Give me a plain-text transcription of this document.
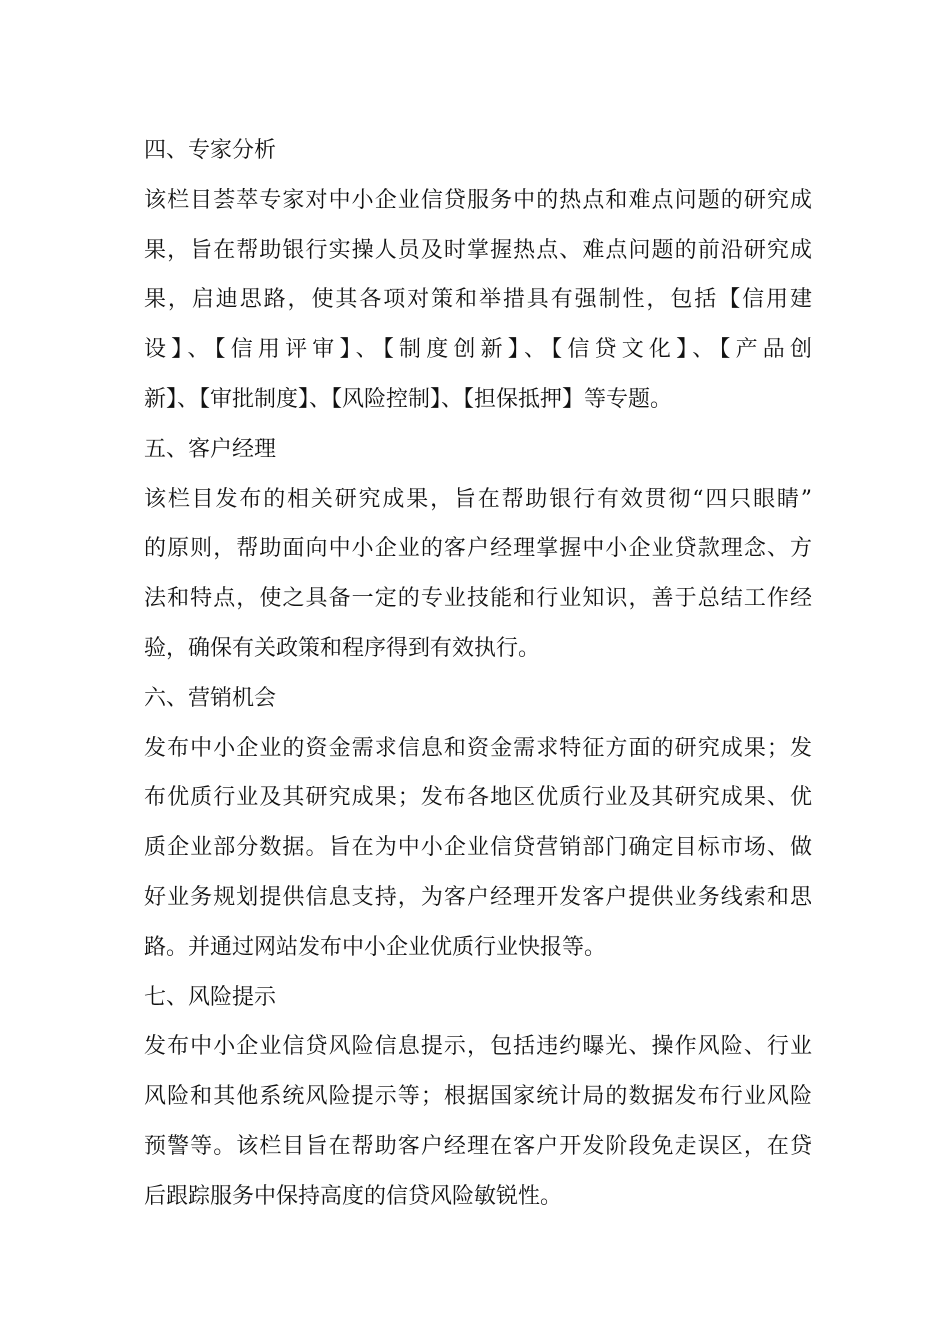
四、专家分析
该栏目荟萃专家对中小企业信贷服务中的热点和难点问题的研究成
果，旨在帮助银行实操人员及时掌握热点、难点问题的前沿研究成
果，启迪思路，使其各项对策和举措具有强制性，包括【信用建
设】、【信用评审】、【制度创新】、【信贷文化】、【产品创
新】、【审批制度】、【风险控制】、【担保抵押】等专题。
五、客户经理
该栏目发布的相关研究成果，旨在帮助银行有效贯彻“四只眼睛”
的原则，帮助面向中小企业的客户经理掌握中小企业贷款理念、方
法和特点，使之具备一定的专业技能和行业知识，善于总结工作经
验，确保有关政策和程序得到有效执行。
六、营销机会
发布中小企业的资金需求信息和资金需求特征方面的研究成果；发
布优质行业及其研究成果；发布各地区优质行业及其研究成果、优
质企业部分数据。旨在为中小企业信贷营销部门确定目标市场、做
好业务规划提供信息支持，为客户经理开发客户提供业务线索和思
路。并通过网站发布中小企业优质行业快报等。
七、风险提示
发布中小企业信贷风险信息提示，包括违约曝光、操作风险、行业
风险和其他系统风险提示等；根据国家统计局的数据发布行业风险
预警等。该栏目旨在帮助客户经理在客户开发阶段免走误区，在贷
后跟踪服务中保持高度的信贷风险敏锐性。
